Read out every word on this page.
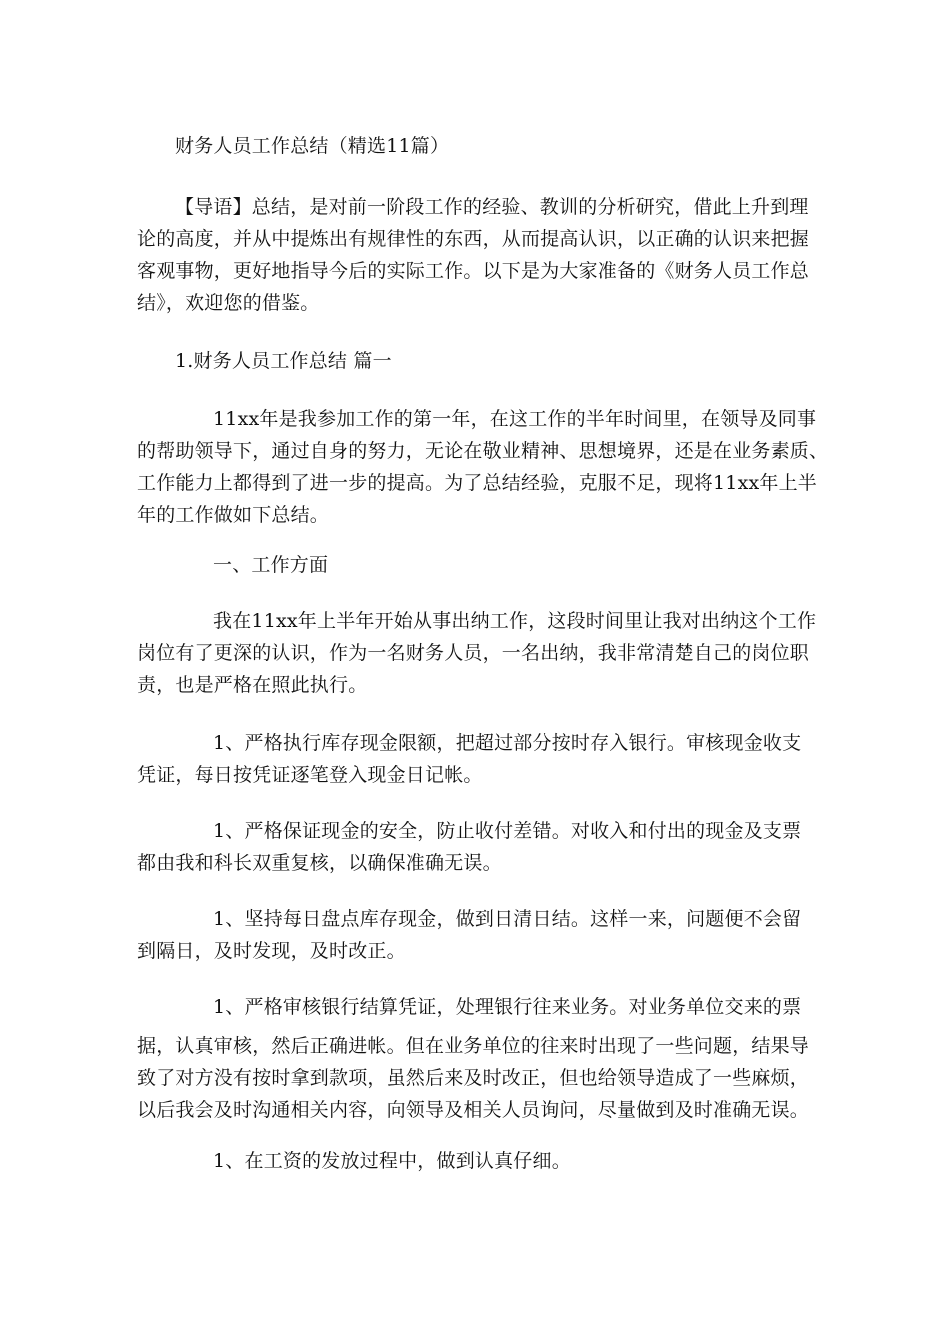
财务人员工作总结（精选11篇）
【导语】总结，是对前一阶段工作的经验、教训的分析研究，借此上升到理
论的高度，并从中提炼出有规律性的东西，从而提高认识，以正确的认识来把握
客观事物，更好地指导今后的实际工作。以下是为大家准备的《财务人员工作总
结》，欢迎您的借鉴。
1.财务人员工作总结 篇一
11xx年是我参加工作的第一年，在这工作的半年时间里，在领导及同事
的帮助领导下，通过自身的努力，无论在敬业精神、思想境界，还是在业务素质、
工作能力上都得到了进一步的提高。为了总结经验，克服不足，现将11xx年上半
年的工作做如下总结。
一、工作方面
我在11xx年上半年开始从事出纳工作，这段时间里让我对出纳这个工作
岗位有了更深的认识，作为一名财务人员，一名出纳，我非常清楚自己的岗位职
责，也是严格在照此执行。
1、严格执行库存现金限额，把超过部分按时存入银行。审核现金收支
凭证，每日按凭证逐笔登入现金日记帐。
1、严格保证现金的安全，防止收付差错。对收入和付出的现金及支票
都由我和科长双重复核，以确保准确无误。
1、坚持每日盘点库存现金，做到日清日结。这样一来，问题便不会留
到隔日，及时发现，及时改正。
1、严格审核银行结算凭证，处理银行往来业务。对业务单位交来的票
据，认真审核，然后正确进帐。但在业务单位的往来时出现了一些问题，结果导
致了对方没有按时拿到款项，虽然后来及时改正，但也给领导造成了一些麻烦，
以后我会及时沟通相关内容，向领导及相关人员询问，尽量做到及时准确无误。
1、在工资的发放过程中，做到认真仔细。
